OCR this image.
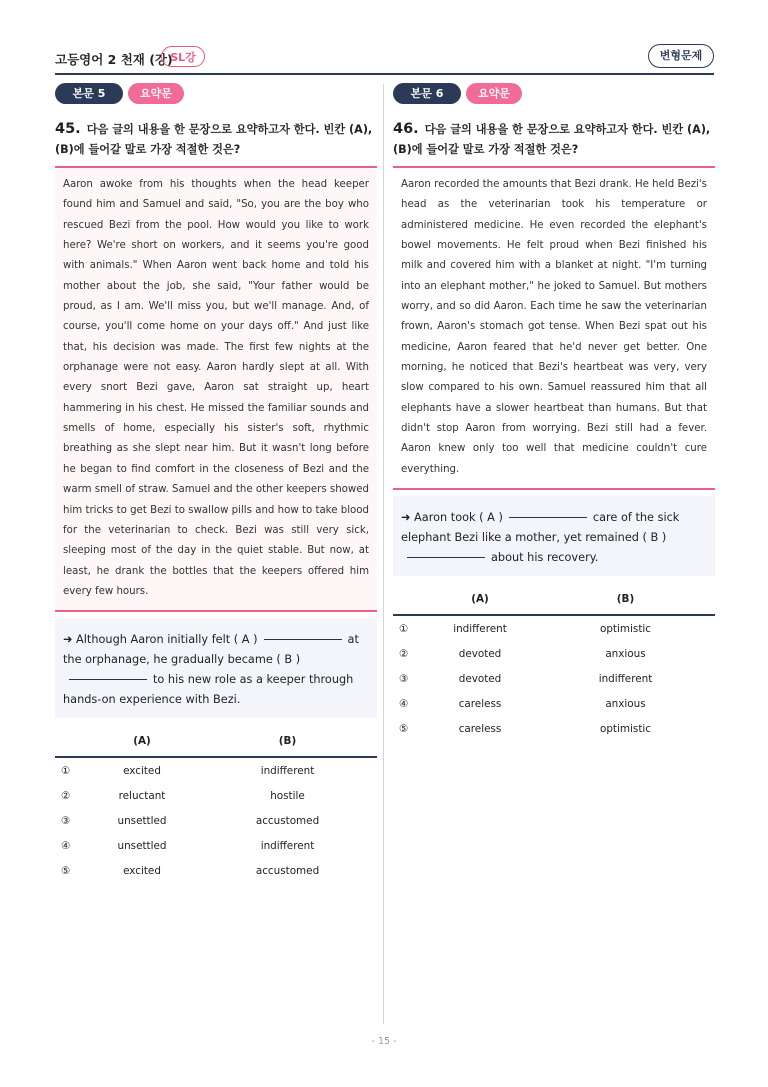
고등영어 2 천재 (강)
SL강	변형문제
본문 5	요약문
45. 다음 글의 내용을 한 문장으로 요약하고자 한다. 빈칸 (A), (B)에 들어갈 말로 가장 적절한 것은?
Aaron awoke from his thoughts when the head keeper found him and Samuel and said, "So, you are the boy who rescued Bezi from the pool. How would you like to work here? We're short on workers, and it seems you're good with animals." When Aaron went back home and told his mother about the job, she said, "Your father would be proud, as I am. We'll miss you, but we'll manage. And, of course, you'll come home on your days off." And just like that, his decision was made. The first few nights at the orphanage were not easy. Aaron hardly slept at all. With every snort Bezi gave, Aaron sat straight up, heart hammering in his chest. He missed the familiar sounds and smells of home, especially his sister's soft, rhythmic breathing as she slept near him. But it wasn't long before he began to find comfort in the closeness of Bezi and the warm smell of straw. Samuel and the other keepers showed him tricks to get Bezi to swallow pills and how to take blood for the veterinarian to check. Bezi was still very sick, sleeping most of the day in the quiet stable. But now, at least, he drank the bottles that the keepers offered him every few hours.
➜ Although Aaron initially felt ( A )	at the orphanage, he gradually became ( B )to his new role as a keeper through hands-on experience with Bezi.
	(A)	(B)
①	excited	indifferent
②	reluctant	hostile
③	unsettled	accustomed
④	unsettled	indifferent
⑤	excited	accustomed
본문 6	요약문
46. 다음 글의 내용을 한 문장으로 요약하고자 한다. 빈칸 (A), (B)에 들어갈 말로 가장 적절한 것은?
Aaron recorded the amounts that Bezi drank. He held Bezi's head as the veterinarian took his temperature or administered medicine. He even recorded the elephant's bowel movements. He felt proud when Bezi finished his milk and covered him with a blanket at night. "I'm turning into an elephant mother," he joked to Samuel. But mothers worry, and so did Aaron. Each time he saw the veterinarian frown, Aaron's stomach got tense. When Bezi spat out his medicine, Aaron feared that he'd never get better. One morning, he noticed that Bezi's heartbeat was very, very slow compared to his own. Samuel reassured him that all elephants have a slower heartbeat than humans. But that didn't stop Aaron from worrying. Bezi still had a fever. Aaron knew only too well that medicine couldn't cure everything.
➜ Aaron took ( A )	care of the sick elephant Bezi like a mother, yet remained ( B )
about his recovery.
	(A)	(B)
①	indifferent	optimistic
②	devoted	anxious
③	devoted	indifferent
④	careless	anxious
⑤	careless	optimistic
- 15 -
